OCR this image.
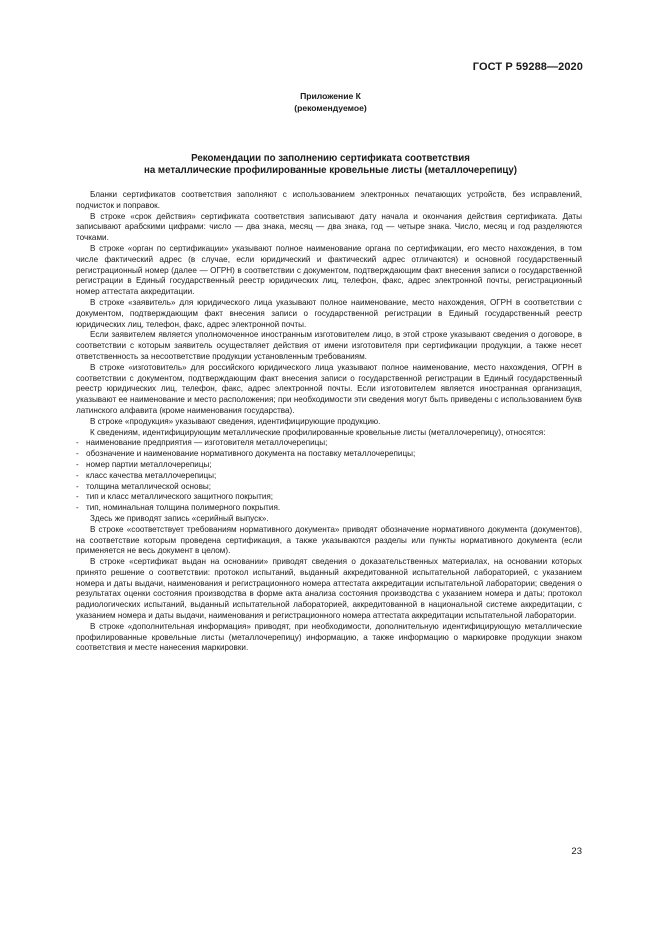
ГОСТ Р 59288—2020
Приложение К
(рекомендуемое)
Рекомендации по заполнению сертификата соответствия
на металлические профилированные кровельные листы (металлочерепицу)

Бланки сертификатов соответствия заполняют с использованием электронных печатающих устройств, без исправлений, подчисток и поправок.

В строке «срок действия» сертификата соответствия записывают дату начала и окончания действия сертификата. Даты записывают арабскими цифрами: число — два знака, месяц — два знака, год — четыре знака. Число, месяц и год разделяются точками.

В строке «орган по сертификации» указывают полное наименование органа по сертификации, его место нахождения, в том числе фактический адрес (в случае, если юридический и фактический адрес отличаются) и основной государственный регистрационный номер (далее — ОГРН) в соответствии с документом, подтверждающим факт внесения записи о государственной регистрации в Единый государственный реестр юридических лиц, телефон, факс, адрес электронной почты, регистрационный номер аттестата аккредитации.

В строке «заявитель» для юридического лица указывают полное наименование, место нахождения, ОГРН в соответствии с документом, подтверждающим факт внесения записи о государственной регистрации в Единый государственный реестр юридических лиц, телефон, факс, адрес электронной почты.

Если заявителем является уполномоченное иностранным изготовителем лицо, в этой строке указывают сведения о договоре, в соответствии с которым заявитель осуществляет действия от имени изготовителя при сертификации продукции, а также несет ответственность за несоответствие продукции установленным требованиям.

В строке «изготовитель» для российского юридического лица указывают полное наименование, место нахождения, ОГРН в соответствии с документом, подтверждающим факт внесения записи о государственной регистрации в Единый государственный реестр юридических лиц, телефон, факс, адрес электронной почты. Если изготовителем является иностранная организация, указывают ее наименование и место расположения; при необходимости эти сведения могут быть приведены с использованием букв латинского алфавита (кроме наименования государства).

В строке «продукция» указывают сведения, идентифицирующие продукцию.

К сведениям, идентифицирующим металлические профилированные кровельные листы (металлочерепицу), относятся:

- наименование предприятия — изготовителя металлочерепицы;
- обозначение и наименование нормативного документа на поставку металлочерепицы;
- номер партии металлочерепицы;
- класс качества металлочерепицы;
- толщина металлической основы;
- тип и класс металлического защитного покрытия;
- тип, номинальная толщина полимерного покрытия.

Здесь же приводят запись «серийный выпуск».

В строке «соответствует требованиям нормативного документа» приводят обозначение нормативного документа (документов), на соответствие которым проведена сертификация, а также указываются разделы или пункты нормативного документа (если применяется не весь документ в целом).

В строке «сертификат выдан на основании» приводят сведения о доказательственных материалах, на основании которых принято решение о соответствии: протокол испытаний, выданный аккредитованной испытательной лабораторией, с указанием номера и даты выдачи, наименования и регистрационного номера аттестата аккредитации испытательной лаборатории; сведения о результатах оценки состояния производства в форме акта анализа состояния производства с указанием номера и даты; протокол радиологических испытаний, выданный испытательной лабораторией, аккредитованной в национальной системе аккредитации, с указанием номера и даты выдачи, наименования и регистрационного номера аттестата аккредитации испытательной лаборатории.

В строке «дополнительная информация» приводят, при необходимости, дополнительную идентифицирующую металлические профилированные кровельные листы (металлочерепицу) информацию, а также информацию о маркировке продукции знаком соответствия и месте нанесения маркировки.

23
